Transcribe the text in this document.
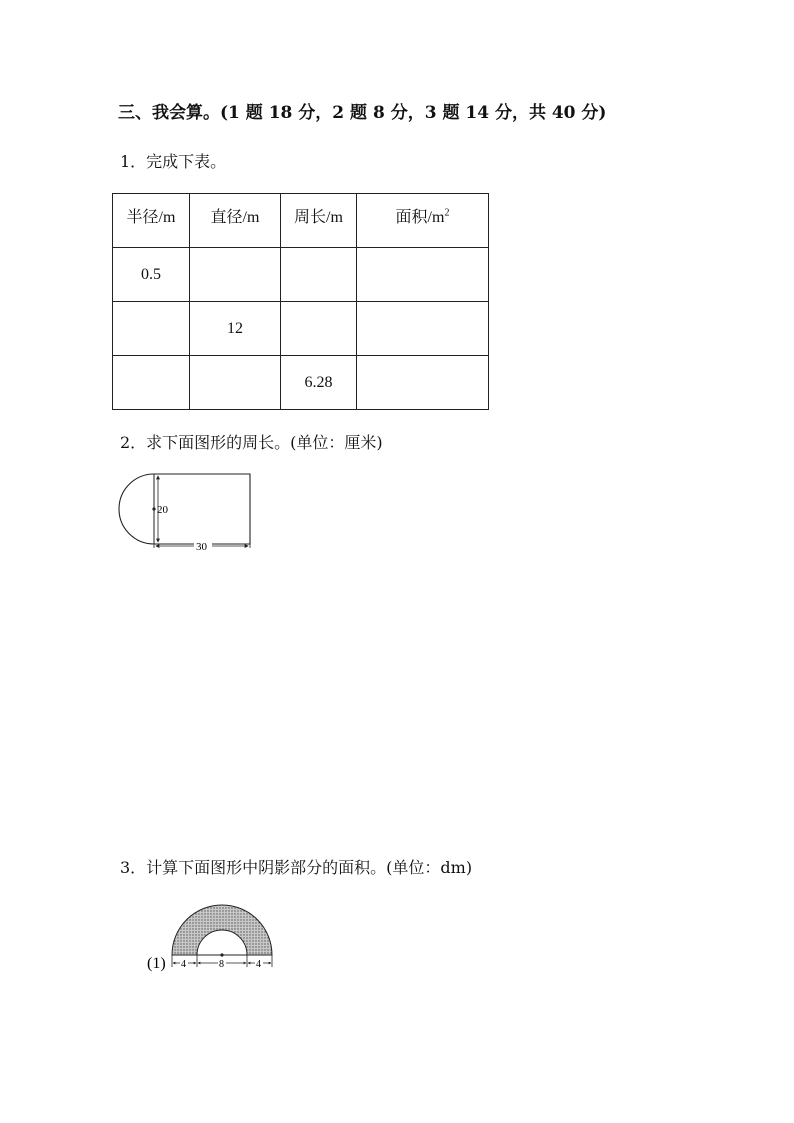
三、我会算。(1 题 18 分，2 题 8 分，3 题 14 分，共 40 分)
1．完成下表。
半径/m	直径/m	周长/m	面积$/m^2$
0.5			
	12		
		6.28	
2．求下面图形的周长。(单位：厘米)
20
30
3．计算下面图形中阴影部分的面积。(单位：dm)
4	8	4
(1)
